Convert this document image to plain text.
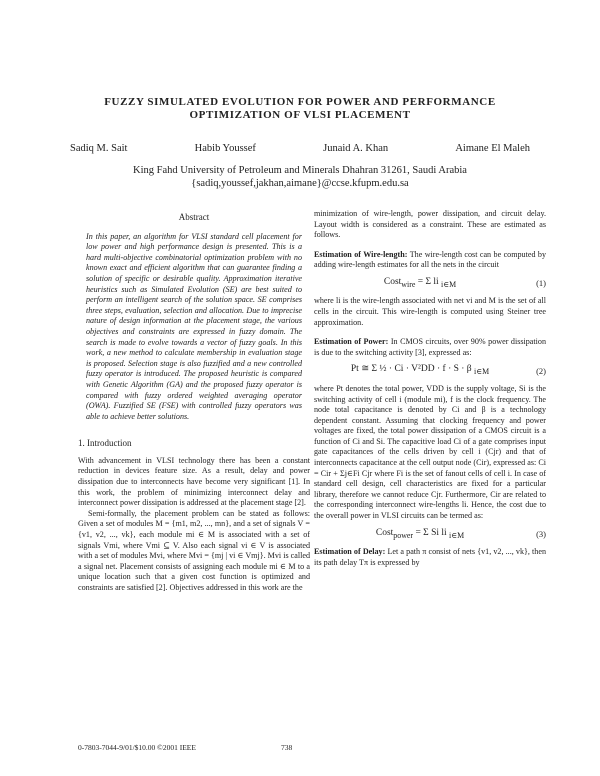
FUZZY SIMULATED EVOLUTION FOR POWER AND PERFORMANCE
OPTIMIZATION OF VLSI PLACEMENT
Sadiq M. Sait	Habib Youssef	Junaid A. Khan	Aimane El Maleh
King Fahd University of Petroleum and Minerals Dhahran 31261, Saudi Arabia
{sadiq,youssef,jakhan,aimane}@ccse.kfupm.edu.sa
Abstract

In this paper, an algorithm for VLSI standard cell placement for low power and high performance design is presented. This is a hard multi-objective combinatorial optimization problem with no known exact and efficient algorithm that can guarantee finding a solution of specific or desirable quality. Approximation iterative heuristics such as Simulated Evolution (SE) are best suited to perform an intelligent search of the solution space. SE comprises three steps, evaluation, selection and allocation. Due to imprecise nature of design information at the placement stage, the various objectives and constraints are expressed in fuzzy domain. The search is made to evolve towards a vector of fuzzy goals. In this work, a new method to calculate membership in evaluation stage is proposed. Selection stage is also fuzzified and a new controlled fuzzy operator is introduced. The proposed heuristic is compared with Genetic Algorithm (GA) and the proposed fuzzy operator is compared with fuzzy ordered weighted averaging operator (OWA). Fuzzified SE (FSE) with controlled fuzzy operators was able to achieve better solutions.

1. Introduction

With advancement in VLSI technology there has been a constant reduction in devices feature size. As a result, delay and power dissipation due to interconnects have become very significant [1]. In this work, the problem of minimizing interconnect delay and interconnect power dissipation is addressed at the placement stage [2].

Semi-formally, the placement problem can be stated as follows: Given a set of modules M = {m1, m2, ..., mn}, and a set of signals V = {v1, v2, ..., vk}, each module mi ∈ M is associated with a set of signals Vmi, where Vmi ⊆ V. Also each signal vi ∈ V is associated with a set of modules Mvi, where Mvi = {mj | vi ∈ Vmj}. Mvi is called a signal net. Placement consists of assigning each module mi ∈ M to a unique location such that a given cost function is optimized and constraints are satisfied [2]. Objectives addressed in this work are the

minimization of wire-length, power dissipation, and circuit delay. Layout width is considered as a constraint. These are estimated as follows.

Estimation of Wire-length: The wire-length cost can be computed by adding wire-length estimates for all the nets in the circuit

Cost$_{wire}$ = Σ li $_{i\in M}$	(1)

where li is the wire-length associated with net vi and M is the set of all cells in the circuit. This wire-length is computed using Steiner tree approximation.

Estimation of Power: In CMOS circuits, over 90% power dissipation is due to the switching activity [3], expressed as:

Pt ≅ Σ ½ · Ci · V²DD · f · S · β $_{i\in M}$	(2)

where Pt denotes the total power, VDD is the supply voltage, Si is the switching activity of cell i (module mi), f is the clock frequency. The node total capacitance is denoted by Ci and β is a technology dependent constant. Assuming that clocking frequency and power voltages are fixed, the total power dissipation of a CMOS circuit is a function of Ci and Si. The capacitive load Ci of a gate comprises input gate capacitances of the cells driven by cell i (Cjr) and that of interconnects capacitance at the cell output node (Cir), expressed as: Ci = Cir + Σj∈Fi Cjr where Fi is the set of fanout cells of cell i. In case of standard cell design, cell characteristics are fixed for a particular library, therefore we cannot reduce Cjr. Furthermore, Cir are related to the corresponding interconnect wire-lengths li. Hence, the cost due to the overall power in VLSI circuits can be termed as:

Cost$_{power}$ = Σ Si li $_{i\in M}$	(3)

Estimation of Delay: Let a path π consist of nets {v1, v2, ..., vk}, then its path delay Tπ is expressed by

0-7803-7044-9/01/$10.00 ©2001 IEEE	738
